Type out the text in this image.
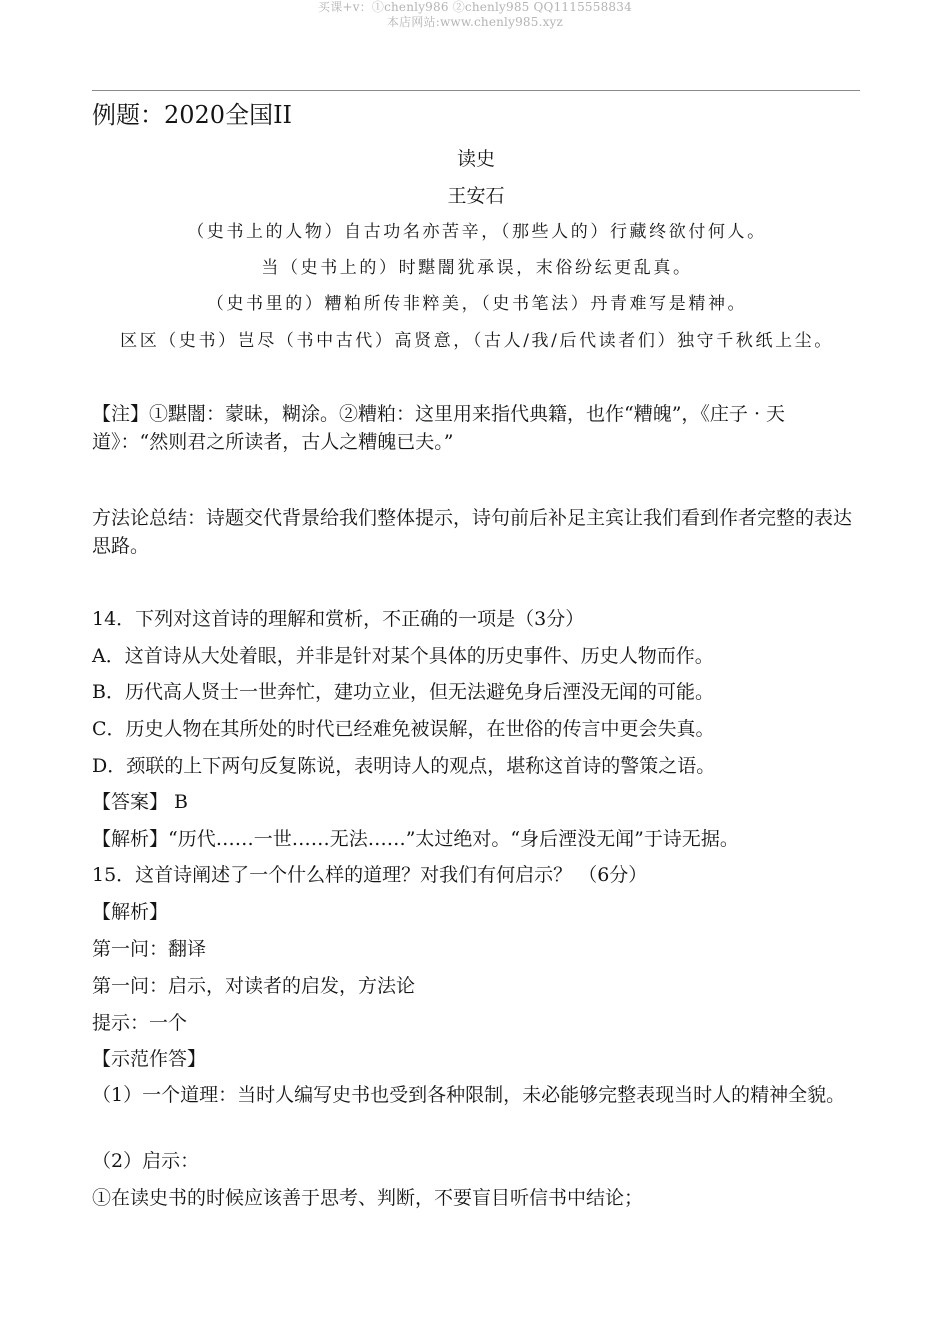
买课+v：①chenly986 ②chenly985 QQ1115558834
本店网站:www.chenly985.xyz
例题：2020全国II
读史
王安石
（史书上的人物）自古功名亦苦辛，（那些人的）行藏终欲付何人。
当（史书上的）时黮闇犹承误，末俗纷纭更乱真。
（史书里的）糟粕所传非粹美，（史书笔法）丹青难写是精神。
区区（史书）岂尽（书中古代）高贤意，（古人/我/后代读者们）独守千秋纸上尘。
【注】①黮闇：蒙昧，糊涂。②糟粕：这里用来指代典籍，也作“糟魄”，《庄子 · 天道》：“然则君之所读者，古人之糟魄已夫。”
方法论总结：诗题交代背景给我们整体提示，诗句前后补足主宾让我们看到作者完整的表达思路。
14．下列对这首诗的理解和赏析，不正确的一项是（3分）
A．这首诗从大处着眼，并非是针对某个具体的历史事件、历史人物而作。
B．历代高人贤士一世奔忙，建功立业，但无法避免身后湮没无闻的可能。
C．历史人物在其所处的时代已经难免被误解，在世俗的传言中更会失真。
D．颈联的上下两句反复陈说，表明诗人的观点，堪称这首诗的警策之语。
【答案】 B
【解析】“历代……一世……无法……”太过绝对。“身后湮没无闻”于诗无据。
15．这首诗阐述了一个什么样的道理？对我们有何启示？ （6分）
【解析】
第一问：翻译
第一问：启示，对读者的启发，方法论
提示：一个
【示范作答】
（1）一个道理：当时人编写史书也受到各种限制，未必能够完整表现当时人的精神全貌。
（2）启示：
①在读史书的时候应该善于思考、判断，不要盲目听信书中结论；
